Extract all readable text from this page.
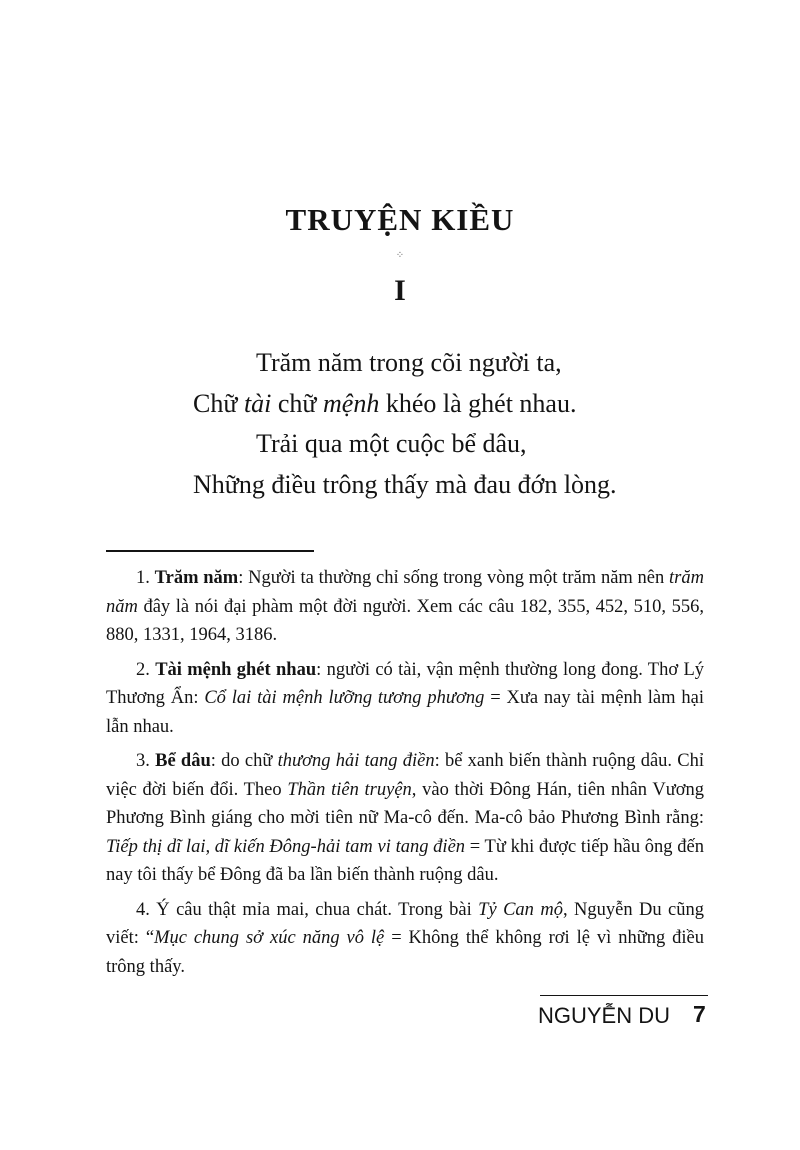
TRUYỆN KIỀU
⁘
I
Trăm năm trong cõi người ta,
Chữ tài chữ mệnh khéo là ghét nhau.
Trải qua một cuộc bể dâu,
Những điều trông thấy mà đau đớn lòng.

1. Trăm năm: Người ta thường chỉ sống trong vòng một trăm năm nên trăm năm đây là nói đại phàm một đời người. Xem các câu 182, 355, 452, 510, 556, 880, 1331, 1964, 3186.

2. Tài mệnh ghét nhau: người có tài, vận mệnh thường long đong. Thơ Lý Thương Ẩn: Cổ lai tài mệnh lưỡng tương phương = Xưa nay tài mệnh làm hại lẫn nhau.

3. Bể dâu: do chữ thương hải tang điền: bể xanh biến thành ruộng dâu. Chỉ việc đời biến đổi. Theo Thần tiên truyện, vào thời Đông Hán, tiên nhân Vương Phương Bình giáng cho mời tiên nữ Ma-cô đến. Ma-cô bảo Phương Bình rằng: Tiếp thị dĩ lai, dĩ kiến Đông-hải tam vi tang điền = Từ khi được tiếp hầu ông đến nay tôi thấy bể Đông đã ba lần biến thành ruộng dâu.

4. Ý câu thật mỉa mai, chua chát. Trong bài Tỷ Can mộ, Nguyễn Du cũng viết: “Mục chung sở xúc năng vô lệ = Không thể không rơi lệ vì những điều trông thấy.

NGUYỄN DU 7
